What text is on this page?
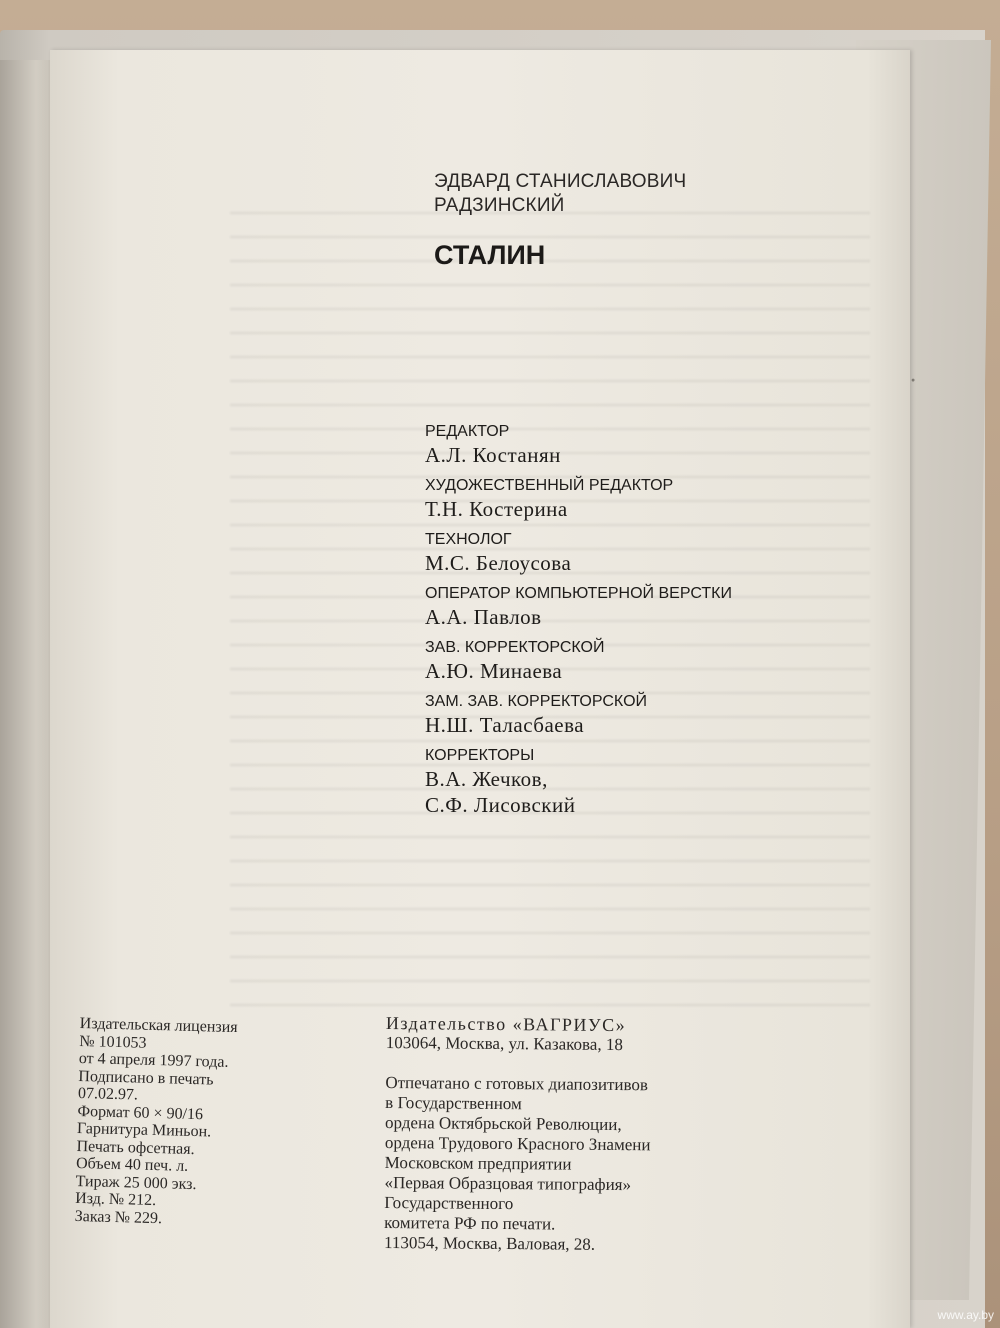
·
ЭДВАРД СТАНИСЛАВОВИЧ
РАДЗИНСКИЙ
СТАЛИН
РЕДАКТОР
А.Л. Костанян
ХУДОЖЕСТВЕННЫЙ РЕДАКТОР
Т.Н. Костерина
ТЕХНОЛОГ
М.С. Белоусова
ОПЕРАТОР КОМПЬЮТЕРНОЙ ВЕРСТКИ
А.А. Павлов
ЗАВ. КОРРЕКТОРСКОЙ
А.Ю. Минаева
ЗАМ. ЗАВ. КОРРЕКТОРСКОЙ
Н.Ш. Таласбаева
КОРРЕКТОРЫ
В.А. Жечков,
С.Ф. Лисовский
Издательская лицензия
№ 101053
от 4 апреля 1997 года.
Подписано в печать
07.02.97.
Формат 60 × 90/16
Гарнитура Миньон.
Печать офсетная.
Объем 40 печ. л.
Тираж 25 000 экз.
Изд. № 212.
Заказ № 229.
Издательство «ВАГРИУС»
103064, Москва, ул. Казакова, 18
Отпечатано с готовых диапозитивов
в Государственном
ордена Октябрьской Революции,
ордена Трудового Красного Знамени
Московском предприятии
«Первая Образцовая типография»
Государственного
комитета РФ по печати.
113054, Москва, Валовая, 28.
www.ay.by
